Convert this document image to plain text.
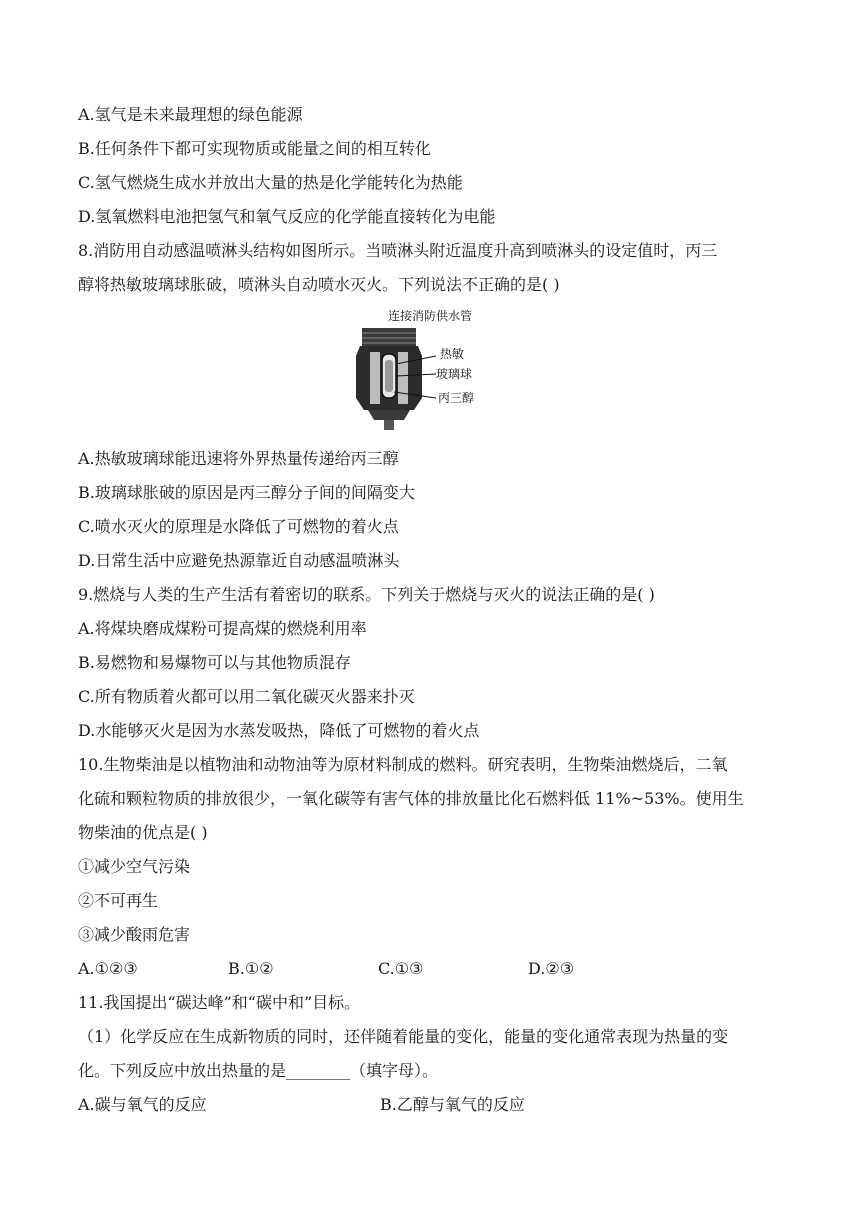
A.氢气是未来最理想的绿色能源
B.任何条件下都可实现物质或能量之间的相互转化
C.氢气燃烧生成水并放出大量的热是化学能转化为热能
D.氢氧燃料电池把氢气和氧气反应的化学能直接转化为电能
8.消防用自动感温喷淋头结构如图所示。当喷淋头附近温度升高到喷淋头的设定值时，丙三
醇将热敏玻璃球胀破，喷淋头自动喷水灭火。下列说法不正确的是( )
连接消防供水管
热敏
玻璃球
丙三醇
A.热敏玻璃球能迅速将外界热量传递给丙三醇
B.玻璃球胀破的原因是丙三醇分子间的间隔变大
C.喷水灭火的原理是水降低了可燃物的着火点
D.日常生活中应避免热源靠近自动感温喷淋头
9.燃烧与人类的生产生活有着密切的联系。下列关于燃烧与灭火的说法正确的是( )
A.将煤块磨成煤粉可提高煤的燃烧利用率
B.易燃物和易爆物可以与其他物质混存
C.所有物质着火都可以用二氧化碳灭火器来扑灭
D.水能够灭火是因为水蒸发吸热，降低了可燃物的着火点
10.生物柴油是以植物油和动物油等为原材料制成的燃料。研究表明，生物柴油燃烧后，二氧
化硫和颗粒物质的排放很少，一氧化碳等有害气体的排放量比化石燃料低 11%~53%。使用生
物柴油的优点是( )
①减少空气污染
②不可再生
③减少酸雨危害
A.①②③	B.①②	C.①③	D.②③
11.我国提出“碳达峰”和“碳中和”目标。
（1）化学反应在生成新物质的同时，还伴随着能量的变化，能量的变化通常表现为热量的变
化。下列反应中放出热量的是________（填字母）。
A.碳与氧气的反应	B.乙醇与氧气的反应
